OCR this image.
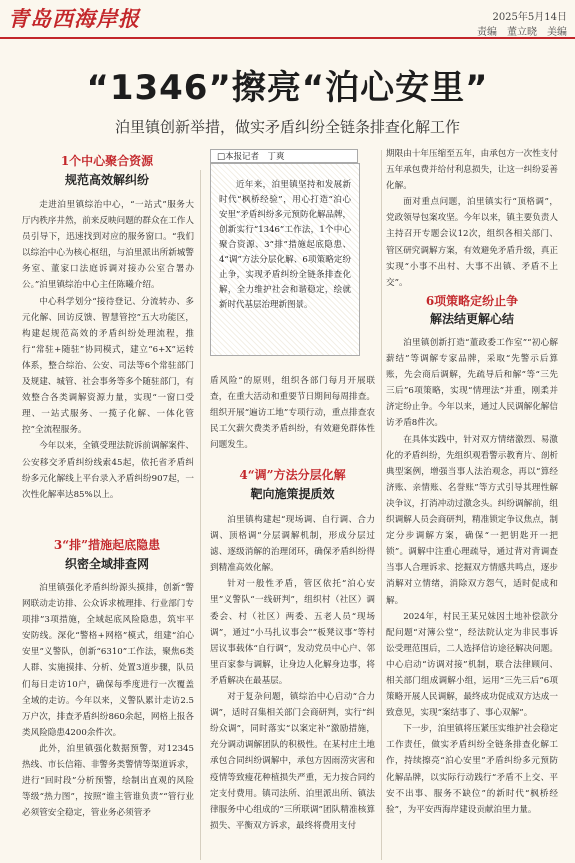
青岛西海岸报	2025年5月14日
责编　董立晓　美编
“1346”擦亮“泊心安里”
泊里镇创新举措，做实矛盾纠纷全链条排查化解工作
1个中心聚合资源
规范高效解纠纷

走进泊里镇综治中心，“一站式”服务大厅内秩序井然，前来反映问题的群众在工作人员引导下，迅速找到对应的服务窗口。“我们以综治中心为核心枢纽，与泊里派出所新城警务室、董家口法庭诉调对接办公室合署办公。”泊里镇综治中心主任陈曦介绍。

中心科学划分“接待登记、分流转办、多元化解、回访反馈、智慧管控”五大功能区，构建起规范高效的矛盾纠纷处理流程，推行“常驻+随驻”协同模式，建立“6+X”运转体系，整合综治、公安、司法等6个常驻部门及规建、城管、社会事务等多个随驻部门，有效整合各类调解资源力量，实现“一窗口受理、一站式服务、一揽子化解、一体化管控”全流程服务。

今年以来，全镇受理法院诉前调解案件、公安移交矛盾纠纷线索45起，依托省矛盾纠纷多元化解线上平台录入矛盾纠纷907起，一次性化解率达85%以上。

3“排”措施起底隐患
织密全域排查网

泊里镇强化矛盾纠纷源头摸排，创新“警网联动走访排、公众诉求梳理排、行业部门专项排”3项措施，全域起底风险隐患，筑牢平安防线。深化“警格+网格”模式，组建“泊心安里”义警队，创新“6310”工作法，聚焦6类人群、实施摸排、分析、处置3道步骤，队员们每日走访10户，确保每季度进行一次覆盖全域的走访。今年以来，义警队累计走访2.5万户次，排查矛盾纠纷860余起，网格上报各类风险隐患4200余件次。

此外，泊里镇强化数据预警，对12345热线、市长信箱、非警务类警情等渠道诉求，进行“回时段”分析预警，绘制出直观的风险等级“热力图”，按照“谁主管谁负责”“管行业必须管安全稳定，管业务必须管矛

□本报记者　丁爽

近年来，泊里镇坚持和发展新时代“枫桥经验”，用心打造“泊心安里”矛盾纠纷多元预防化解品牌，创新实行“1346”工作法，1个中心聚合资源、3“排”措施起底隐患、4“调”方法分层化解、6项策略定纷止争，实现矛盾纠纷全链条排查化解，全力维护社会和谐稳定，绘就新时代基层治理新图景。

盾风险”的原则，组织各部门每月开展联查，在重大活动和重要节日期间每周排查。组织开展“遍访工地”专项行动，重点排查农民工欠薪欠费类矛盾纠纷，有效避免群体性问题发生。

4“调”方法分层化解
靶向施策提质效

泊里镇构建起“现场调、自行调、合力调、顶格调”分层调解机制，形成分层过滤、逐级消解的治理闭环，确保矛盾纠纷得到精准高效化解。

针对一般性矛盾，管区依托“泊心安里”义警队“一线研判”，组织村（社区）调委会、村（社区）两委、五老人员“现场调”，通过“小马扎议事会”“板凳议事”等村居议事载体“自行调”，发动党员中心户、邻里百家参与调解，让身边人化解身边事，将矛盾解决在最基层。

对于复杂问题，镇综治中心启动“合力调”，适时召集相关部门会商研判，实行“纠纷众调”，同时落实“以案定补”激励措施，充分调动调解团队的积极性。在某村庄土地承包合同纠纷调解中，承包方因雨涝灾害和疫情等致瘦花种植损失严重，无力按合同约定支付费用。镇司法所、泊里派出所、镇法律服务中心组成的“三所联调”团队精准核算损失、平衡双方诉求，最终将费用支付

期限由十年压缩至五年，由承包方一次性支付五年承包费并给付利息损失，让这一纠纷妥善化解。

面对重点问题，泊里镇实行“顶格调”，党政领导包案攻坚。今年以来，镇主要负责人主持召开专题会议12次，组织各相关部门、管区研究调解方案，有效避免矛盾升级，真正实现“小事不出村、大事不出镇、矛盾不上交”。

6项策略定纷止争
解法结更解心结

泊里镇创新打造“董政委工作室”“初心解薪结”等调解专家品牌，采取“先警示后算账，先会商后调解，先疏导后和解”等“三先三后”6项策略，实现“情理法”并重，刚柔并济定纷止争。今年以来，通过人民调解化解信访矛盾8件次。

在具体实践中，针对双方情绪激烈、易激化的矛盾纠纷，先组织观看警示教育片、剖析典型案例，增强当事人法治观念，再以“算经济账、亲情账、名誉账”等方式引导其理性解决争议，打消冲动过激念头。纠纷调解前，组织调解人员会商研判，精准锁定争议焦点，制定分步调解方案，确保“一把钥匙开一把锁”。调解中注重心理疏导，通过背对背调查当事人合理诉求、挖掘双方情感共鸣点，逐步消解对立情绪，消除双方怨气，适时促成和解。

2024年，村民王某兄妹因土地补偿款分配问题“对簿公堂”，经法院认定为非民事诉讼受理范围后，二人选择信访途径解决问题。中心启动“访调对接”机制，联合法律顾问、相关部门组成调解小组，运用“三先三后”6项策略开展人民调解，最终成功促成双方达成一致意见，实现“案结事了、事心双解”。

下一步，泊里镇将压紧压实维护社会稳定工作责任，做实矛盾纠纷全链条排查化解工作，持续擦亮“泊心安里”矛盾纠纷多元预防化解品牌，以实际行动践行“矛盾不上交、平安不出事、服务不缺位”的新时代“枫桥经验”，为平安西海岸建设贡献泊里力量。
